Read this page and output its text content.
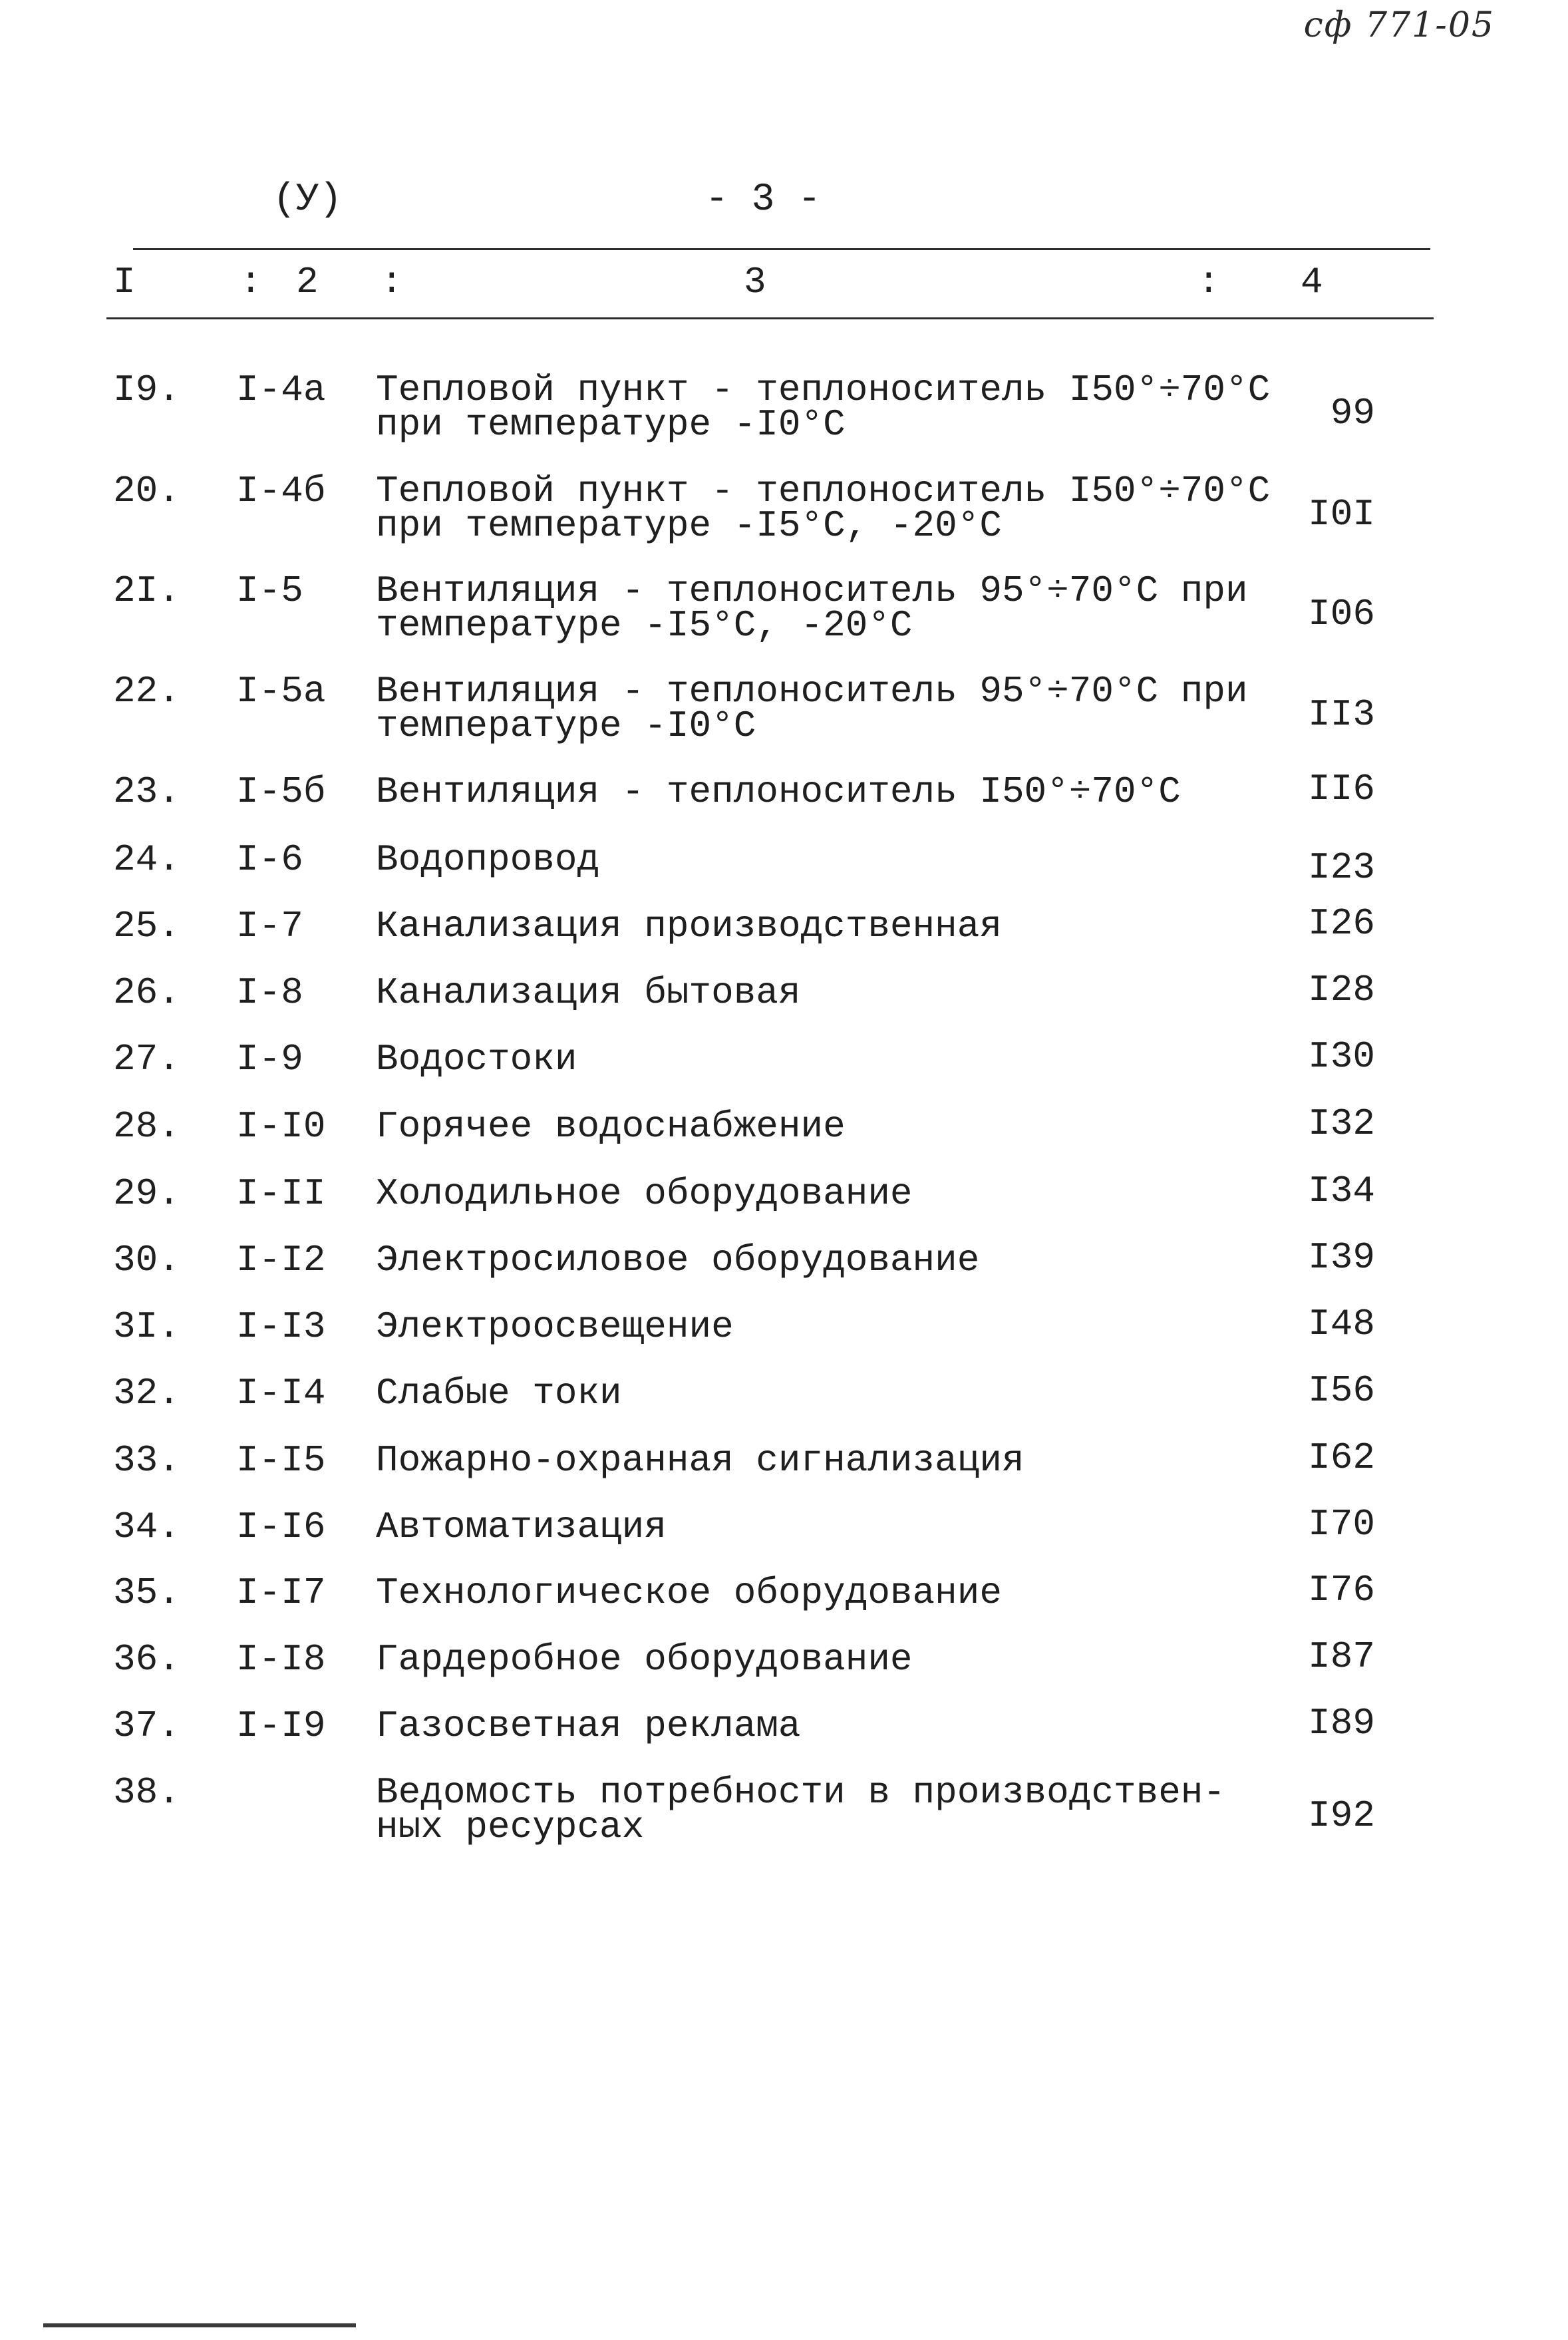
сф 771-05
(У)	- 3 -
I	: 2 :	3	: 4
I9. I-4а Тепловой пункт - теплоноситель I50°÷70°С
при температуре -I0°С	99
20. I-4б Тепловой пункт - теплоноситель I50°÷70°С
при температуре -I5°С, -20°С	I0I
2I. I-5 Вентиляция - теплоноситель 95°÷70°С при
температуре -I5°С, -20°С	I06
22. I-5а Вентиляция - теплоноситель 95°÷70°С при
температуре -I0°С	II3
23. I-5б Вентиляция - теплоноситель I50°÷70°С	II6
24. I-6 Водопровод	I23
25. I-7 Канализация производственная	I26
26. I-8 Канализация бытовая	I28
27. I-9 Водостоки	I30
28. I-I0 Горячее водоснабжение	I32
29. I-II Холодильное оборудование	I34
30. I-I2 Электросиловое оборудование	I39
3I. I-I3 Электроосвещение	I48
32. I-I4 Слабые токи	I56
33. I-I5 Пожарно-охранная сигнализация	I62
34. I-I6 Автоматизация	I70
35. I-I7 Технологическое оборудование	I76
36. I-I8 Гардеробное оборудование	I87
37. I-I9 Газосветная реклама	I89
38.	Ведомость потребности в производствен-
ных ресурсах	I92
